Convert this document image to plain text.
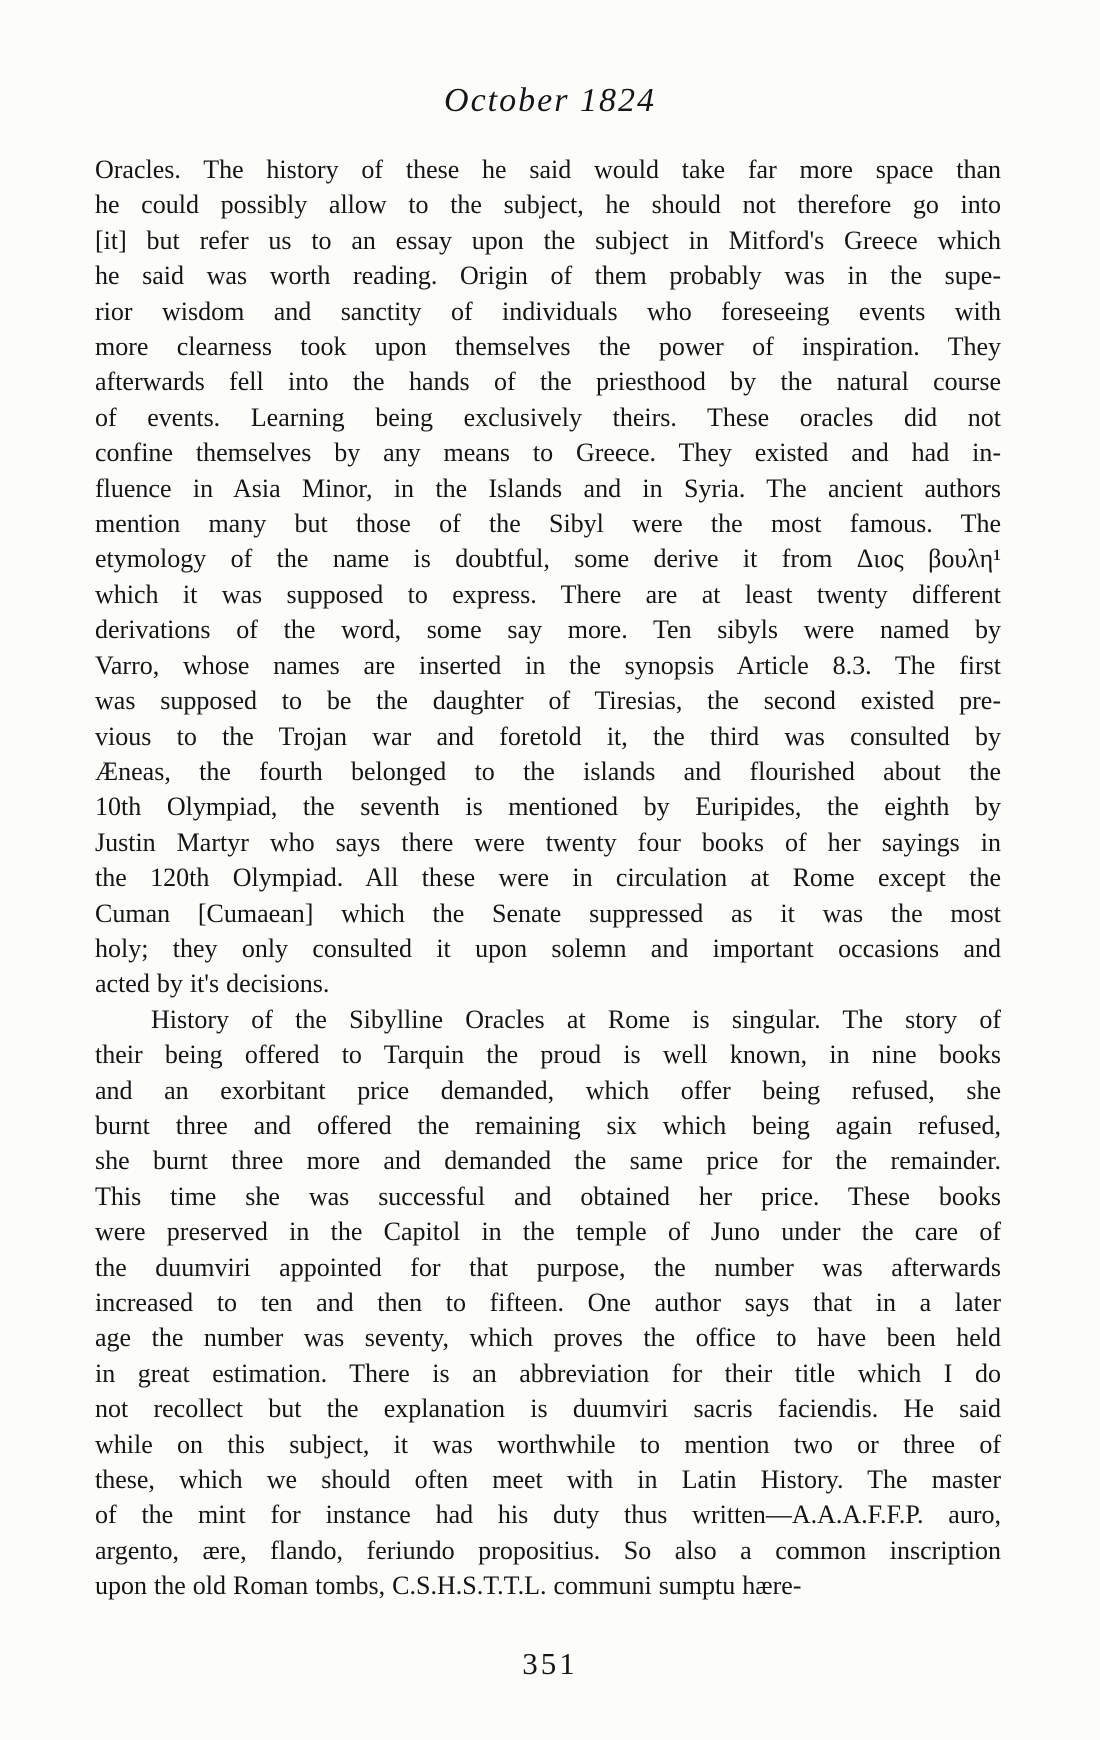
October 1824
Oracles. The history of these he said would take far more space than
he could possibly allow to the subject, he should not therefore go into
[it] but refer us to an essay upon the subject in Mitford's Greece which
he said was worth reading. Origin of them probably was in the supe-
rior wisdom and sanctity of individuals who foreseeing events with
more clearness took upon themselves the power of inspiration. They
afterwards fell into the hands of the priesthood by the natural course
of events. Learning being exclusively theirs. These oracles did not
confine themselves by any means to Greece. They existed and had in-
fluence in Asia Minor, in the Islands and in Syria. The ancient authors
mention many but those of the Sibyl were the most famous. The
etymology of the name is doubtful, some derive it from Διος βουλη¹
which it was supposed to express. There are at least twenty different
derivations of the word, some say more. Ten sibyls were named by
Varro, whose names are inserted in the synopsis Article 8.3. The first
was supposed to be the daughter of Tiresias, the second existed pre-
vious to the Trojan war and foretold it, the third was consulted by
Æneas, the fourth belonged to the islands and flourished about the
10th Olympiad, the seventh is mentioned by Euripides, the eighth by
Justin Martyr who says there were twenty four books of her sayings in
the 120th Olympiad. All these were in circulation at Rome except the
Cuman [Cumaean] which the Senate suppressed as it was the most
holy; they only consulted it upon solemn and important occasions and
acted by it's decisions.
History of the Sibylline Oracles at Rome is singular. The story of
their being offered to Tarquin the proud is well known, in nine books
and an exorbitant price demanded, which offer being refused, she
burnt three and offered the remaining six which being again refused,
she burnt three more and demanded the same price for the remainder.
This time she was successful and obtained her price. These books
were preserved in the Capitol in the temple of Juno under the care of
the duumviri appointed for that purpose, the number was afterwards
increased to ten and then to fifteen. One author says that in a later
age the number was seventy, which proves the office to have been held
in great estimation. There is an abbreviation for their title which I do
not recollect but the explanation is duumviri sacris faciendis. He said
while on this subject, it was worthwhile to mention two or three of
these, which we should often meet with in Latin History. The master
of the mint for instance had his duty thus written—A.A.A.F.F.P. auro,
argento, ære, flando, feriundo propositius. So also a common inscription
upon the old Roman tombs, C.S.H.S.T.T.L. communi sumptu hære-
351
